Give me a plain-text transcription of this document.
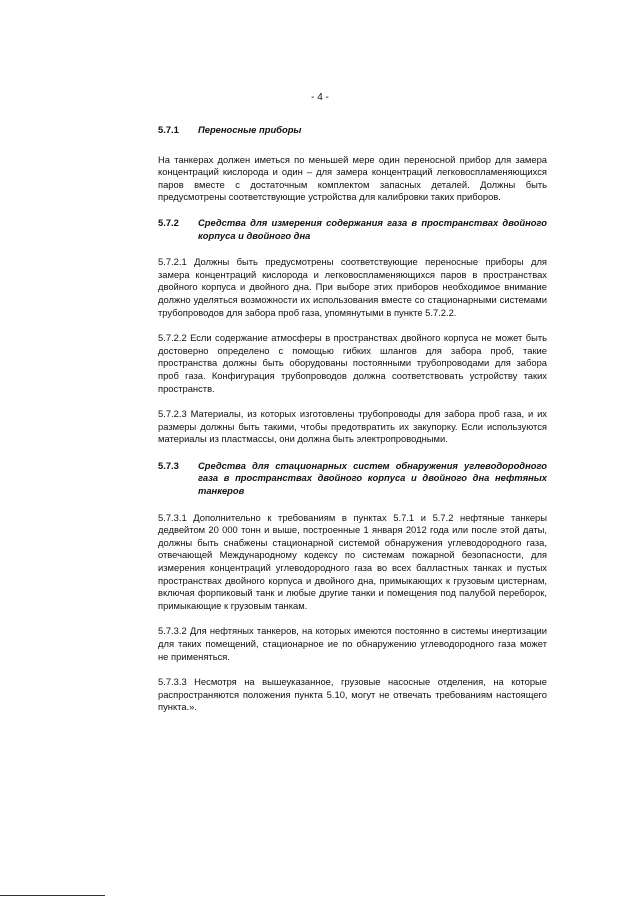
- 4 -
5.7.1	Переносные приборы

На танкерах должен иметься по меньшей мере один переносной прибор для замера концентраций кислорода и один – для замера концентраций легковоспламеняющихся паров вместе с достаточным комплектом запасных деталей. Должны быть предусмотрены соответствующие устройства для калибровки таких приборов.

5.7.2	Средства для измерения содержания газа в пространствах двойного корпуса и двойного дна

5.7.2.1 Должны быть предусмотрены соответствующие переносные приборы для замера концентраций кислорода и легковоспламеняющихся паров в пространствах двойного корпуса и двойного дна. При выборе этих приборов необходимое внимание должно уделяться возможности их использования вместе со стационарными системами трубопроводов для забора проб газа, упомянутыми в пункте 5.7.2.2.

5.7.2.2 Если содержание атмосферы в пространствах двойного корпуса не может быть достоверно определено с помощью гибких шлангов для забора проб, такие пространства должны быть оборудованы постоянными трубопроводами для забора проб газа. Конфигурация трубопроводов должна соответствовать устройству таких пространств.

5.7.2.3 Материалы, из которых изготовлены трубопроводы для забора проб газа, и их размеры должны быть такими, чтобы предотвратить их закупорку. Если используются материалы из пластмассы, они должна быть электропроводными.

5.7.3	Средства для стационарных систем обнаружения углеводородного газа в пространствах двойного корпуса и двойного дна нефтяных танкеров

5.7.3.1 Дополнительно к требованиям в пунктах 5.7.1 и 5.7.2 нефтяные танкеры дедвейтом 20 000 тонн и выше, построенные 1 января 2012 года или после этой даты, должны быть снабжены стационарной системой обнаружения углеводородного газа, отвечающей Международному кодексу по системам пожарной безопасности, для измерения концентраций углеводородного газа во всех балластных танках и пустых пространствах двойного корпуса и двойного дна, примыкающих к грузовым цистернам, включая форпиковый танк и любые другие танки и помещения под палубой переборок, примыкающие к грузовым танкам.

5.7.3.2 Для нефтяных танкеров, на которых имеются постоянно в системы инертизации для таких помещений, стационарное ие по обнаружению углеводородного газа может не применяться.

5.7.3.3 Несмотря на вышеуказанное, грузовые насосные отделения, на которые распространяются положения пункта 5.10, могут не отвечать требованиям настоящего пункта.».
